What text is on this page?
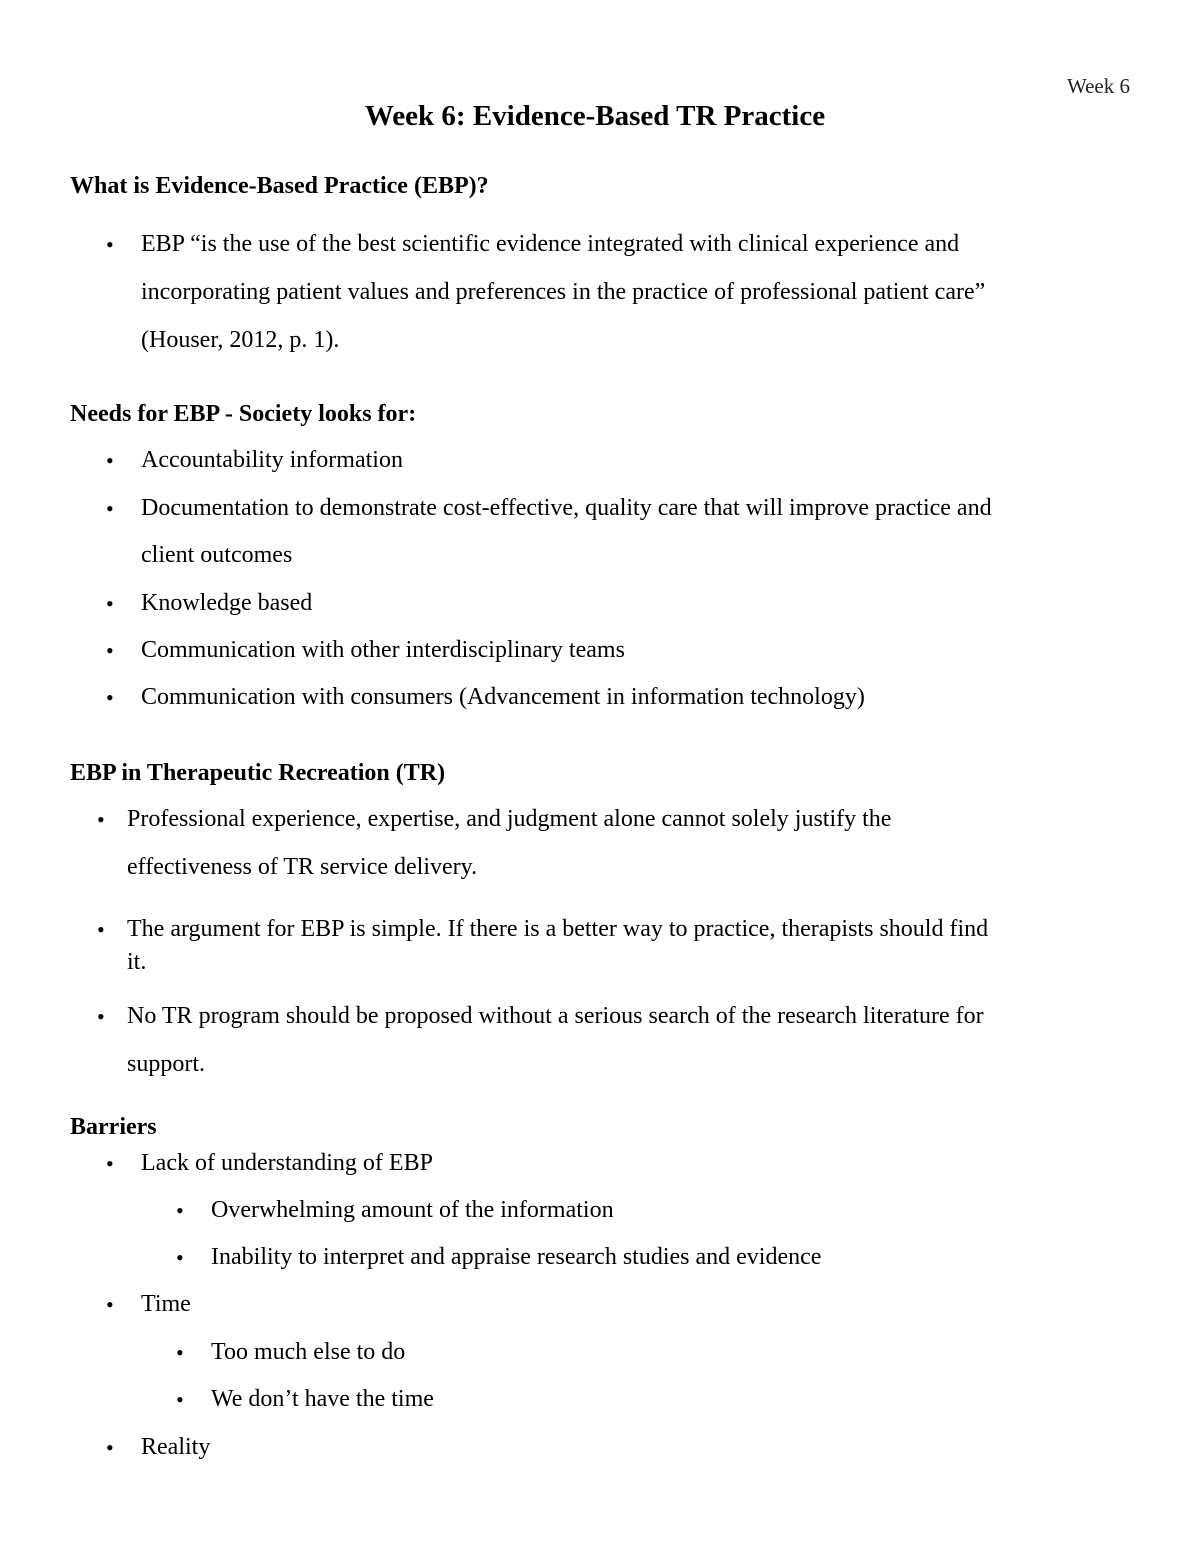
Week 6
Week 6: Evidence-Based TR Practice
What is Evidence-Based Practice (EBP)?
• EBP “is the use of the best scientific evidence integrated with clinical experience and
incorporating patient values and preferences in the practice of professional patient care”
(Houser, 2012, p. 1).
Needs for EBP - Society looks for:
• Accountability information
• Documentation to demonstrate cost-effective, quality care that will improve practice and
client outcomes
• Knowledge based
• Communication with other interdisciplinary teams
• Communication with consumers (Advancement in information technology)
EBP in Therapeutic Recreation (TR)
• Professional experience, expertise, and judgment alone cannot solely justify the
effectiveness of TR service delivery.
• The argument for EBP is simple. If there is a better way to practice, therapists should find
it.
• No TR program should be proposed without a serious search of the research literature for
support.
Barriers
• Lack of understanding of EBP
• Overwhelming amount of the information
• Inability to interpret and appraise research studies and evidence
• Time
• Too much else to do
• We don’t have the time
• Reality
